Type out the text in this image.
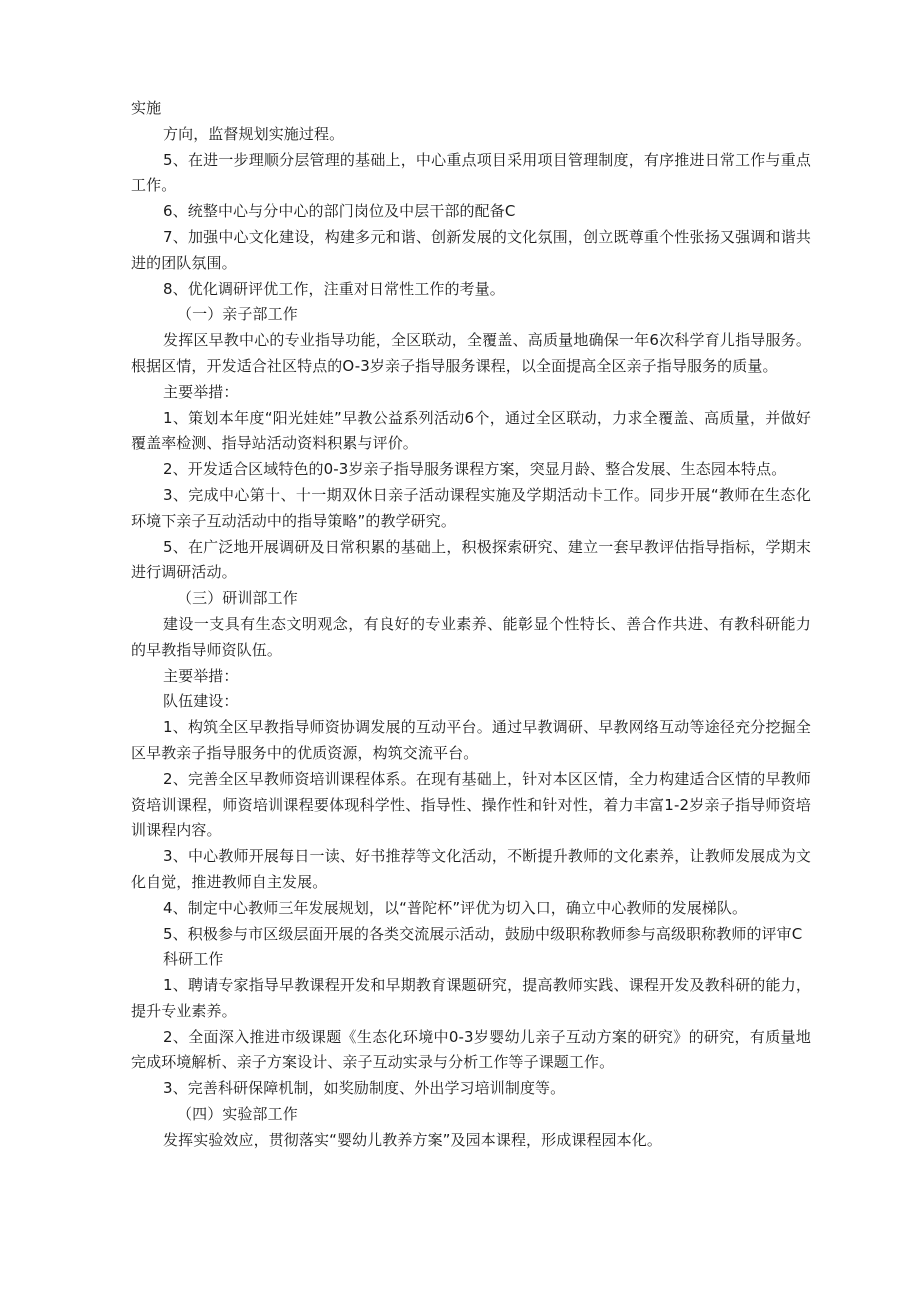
实施

方向，监督规划实施过程。

5、在进一步理顺分层管理的基础上，中心重点项目采用项目管理制度，有序推进日常工作与重点工作。

6、统整中心与分中心的部门岗位及中层干部的配备C

7、加强中心文化建设，构建多元和谐、创新发展的文化氛围，创立既尊重个性张扬又强调和谐共进的团队氛围。

8、优化调研评优工作，注重对日常性工作的考量。

（一）亲子部工作

发挥区早教中心的专业指导功能，全区联动，全覆盖、高质量地确保一年6次科学育儿指导服务。根据区情，开发适合社区特点的O-3岁亲子指导服务课程，以全面提高全区亲子指导服务的质量。

主要举措：

1、策划本年度“阳光娃娃”早教公益系列活动6个，通过全区联动，力求全覆盖、高质量，并做好覆盖率检测、指导站活动资料积累与评价。

2、开发适合区域特色的0-3岁亲子指导服务课程方案，突显月龄、整合发展、生态园本特点。

3、完成中心第十、十一期双休日亲子活动课程实施及学期活动卡工作。同步开展“教师在生态化环境下亲子互动活动中的指导策略”的教学研究。

5、在广泛地开展调研及日常积累的基础上，积极探索研究、建立一套早教评估指导指标，学期末进行调研活动。

（三）研训部工作

建设一支具有生态文明观念，有良好的专业素养、能彰显个性特长、善合作共进、有教科研能力的早教指导师资队伍。

主要举措：

队伍建设：

1、构筑全区早教指导师资协调发展的互动平台。通过早教调研、早教网络互动等途径充分挖掘全区早教亲子指导服务中的优质资源，构筑交流平台。

2、完善全区早教师资培训课程体系。在现有基础上，针对本区区情，全力构建适合区情的早教师资培训课程，师资培训课程要体现科学性、指导性、操作性和针对性，着力丰富1-2岁亲子指导师资培训课程内容。

3、中心教师开展每日一读、好书推荐等文化活动，不断提升教师的文化素养，让教师发展成为文化自觉，推进教师自主发展。

4、制定中心教师三年发展规划，以“普陀杯”评优为切入口，确立中心教师的发展梯队。

5、积极参与市区级层面开展的各类交流展示活动，鼓励中级职称教师参与高级职称教师的评审C

科研工作

1、聘请专家指导早教课程开发和早期教育课题研究，提高教师实践、课程开发及教科研的能力，提升专业素养。

2、全面深入推进市级课题《生态化环境中0-3岁婴幼儿亲子互动方案的研究》的研究，有质量地完成环境解析、亲子方案设计、亲子互动实录与分析工作等子课题工作。

3、完善科研保障机制，如奖励制度、外出学习培训制度等。

（四）实验部工作

发挥实验效应，贯彻落实“婴幼儿教养方案”及园本课程，形成课程园本化。
